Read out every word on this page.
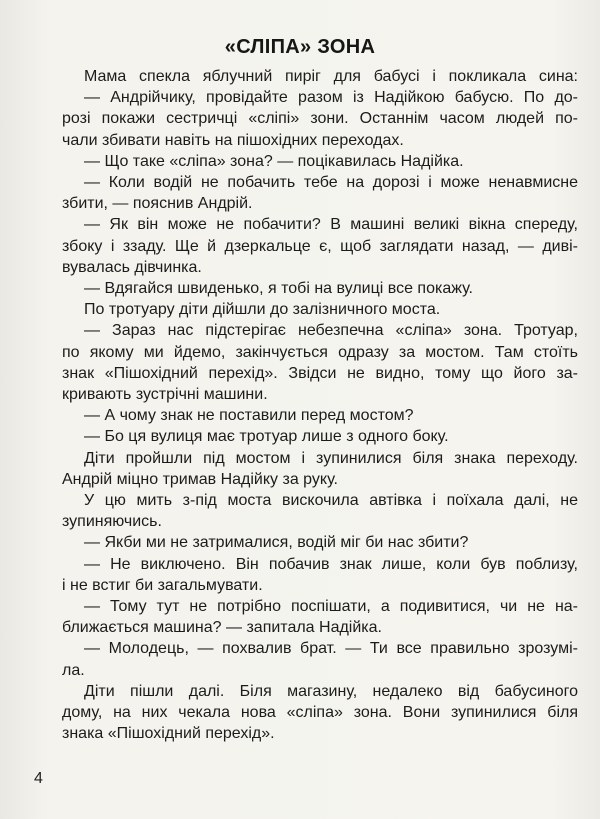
«СЛІПА» ЗОНА
Мама спекла яблучний пиріг для бабусі і покликала сина:
— Андрійчику, провідайте разом із Надійкою бабусю. По до-
розі покажи сестричці «сліпі» зони. Останнім часом людей по-
чали збивати навіть на пішохідних переходах.
— Що таке «сліпа» зона? — поцікавилась Надійка.
— Коли водій не побачить тебе на дорозі і може ненавмисне
збити, — пояснив Андрій.
— Як він може не побачити? В машині великі вікна спереду,
збоку і ззаду. Ще й дзеркальце є, щоб заглядати назад, — диві-
вувалась дівчинка.
— Вдягайся швиденько, я тобі на вулиці все покажу.
По тротуару діти дійшли до залізничного моста.
— Зараз нас підстерігає небезпечна «сліпа» зона. Тротуар,
по якому ми йдемо, закінчується одразу за мостом. Там стоїть
знак «Пішохідний перехід». Звідси не видно, тому що його за-
кривають зустрічні машини.
— А чому знак не поставили перед мостом?
— Бо ця вулиця має тротуар лише з одного боку.
Діти пройшли під мостом і зупинилися біля знака переходу.
Андрій міцно тримав Надійку за руку.
У цю мить з-під моста вискочила автівка і поїхала далі, не
зупиняючись.
— Якби ми не затрималися, водій міг би нас збити?
— Не виключено. Він побачив знак лише, коли був поблизу,
і не встиг би загальмувати.
— Тому тут не потрібно поспішати, а подивитися, чи не на-
ближається машина? — запитала Надійка.
— Молодець, — похвалив брат. — Ти все правильно зрозумі-
ла.
Діти пішли далі. Біля магазину, недалеко від бабусиного
дому, на них чекала нова «сліпа» зона. Вони зупинилися біля
знака «Пішохідний перехід».
4
